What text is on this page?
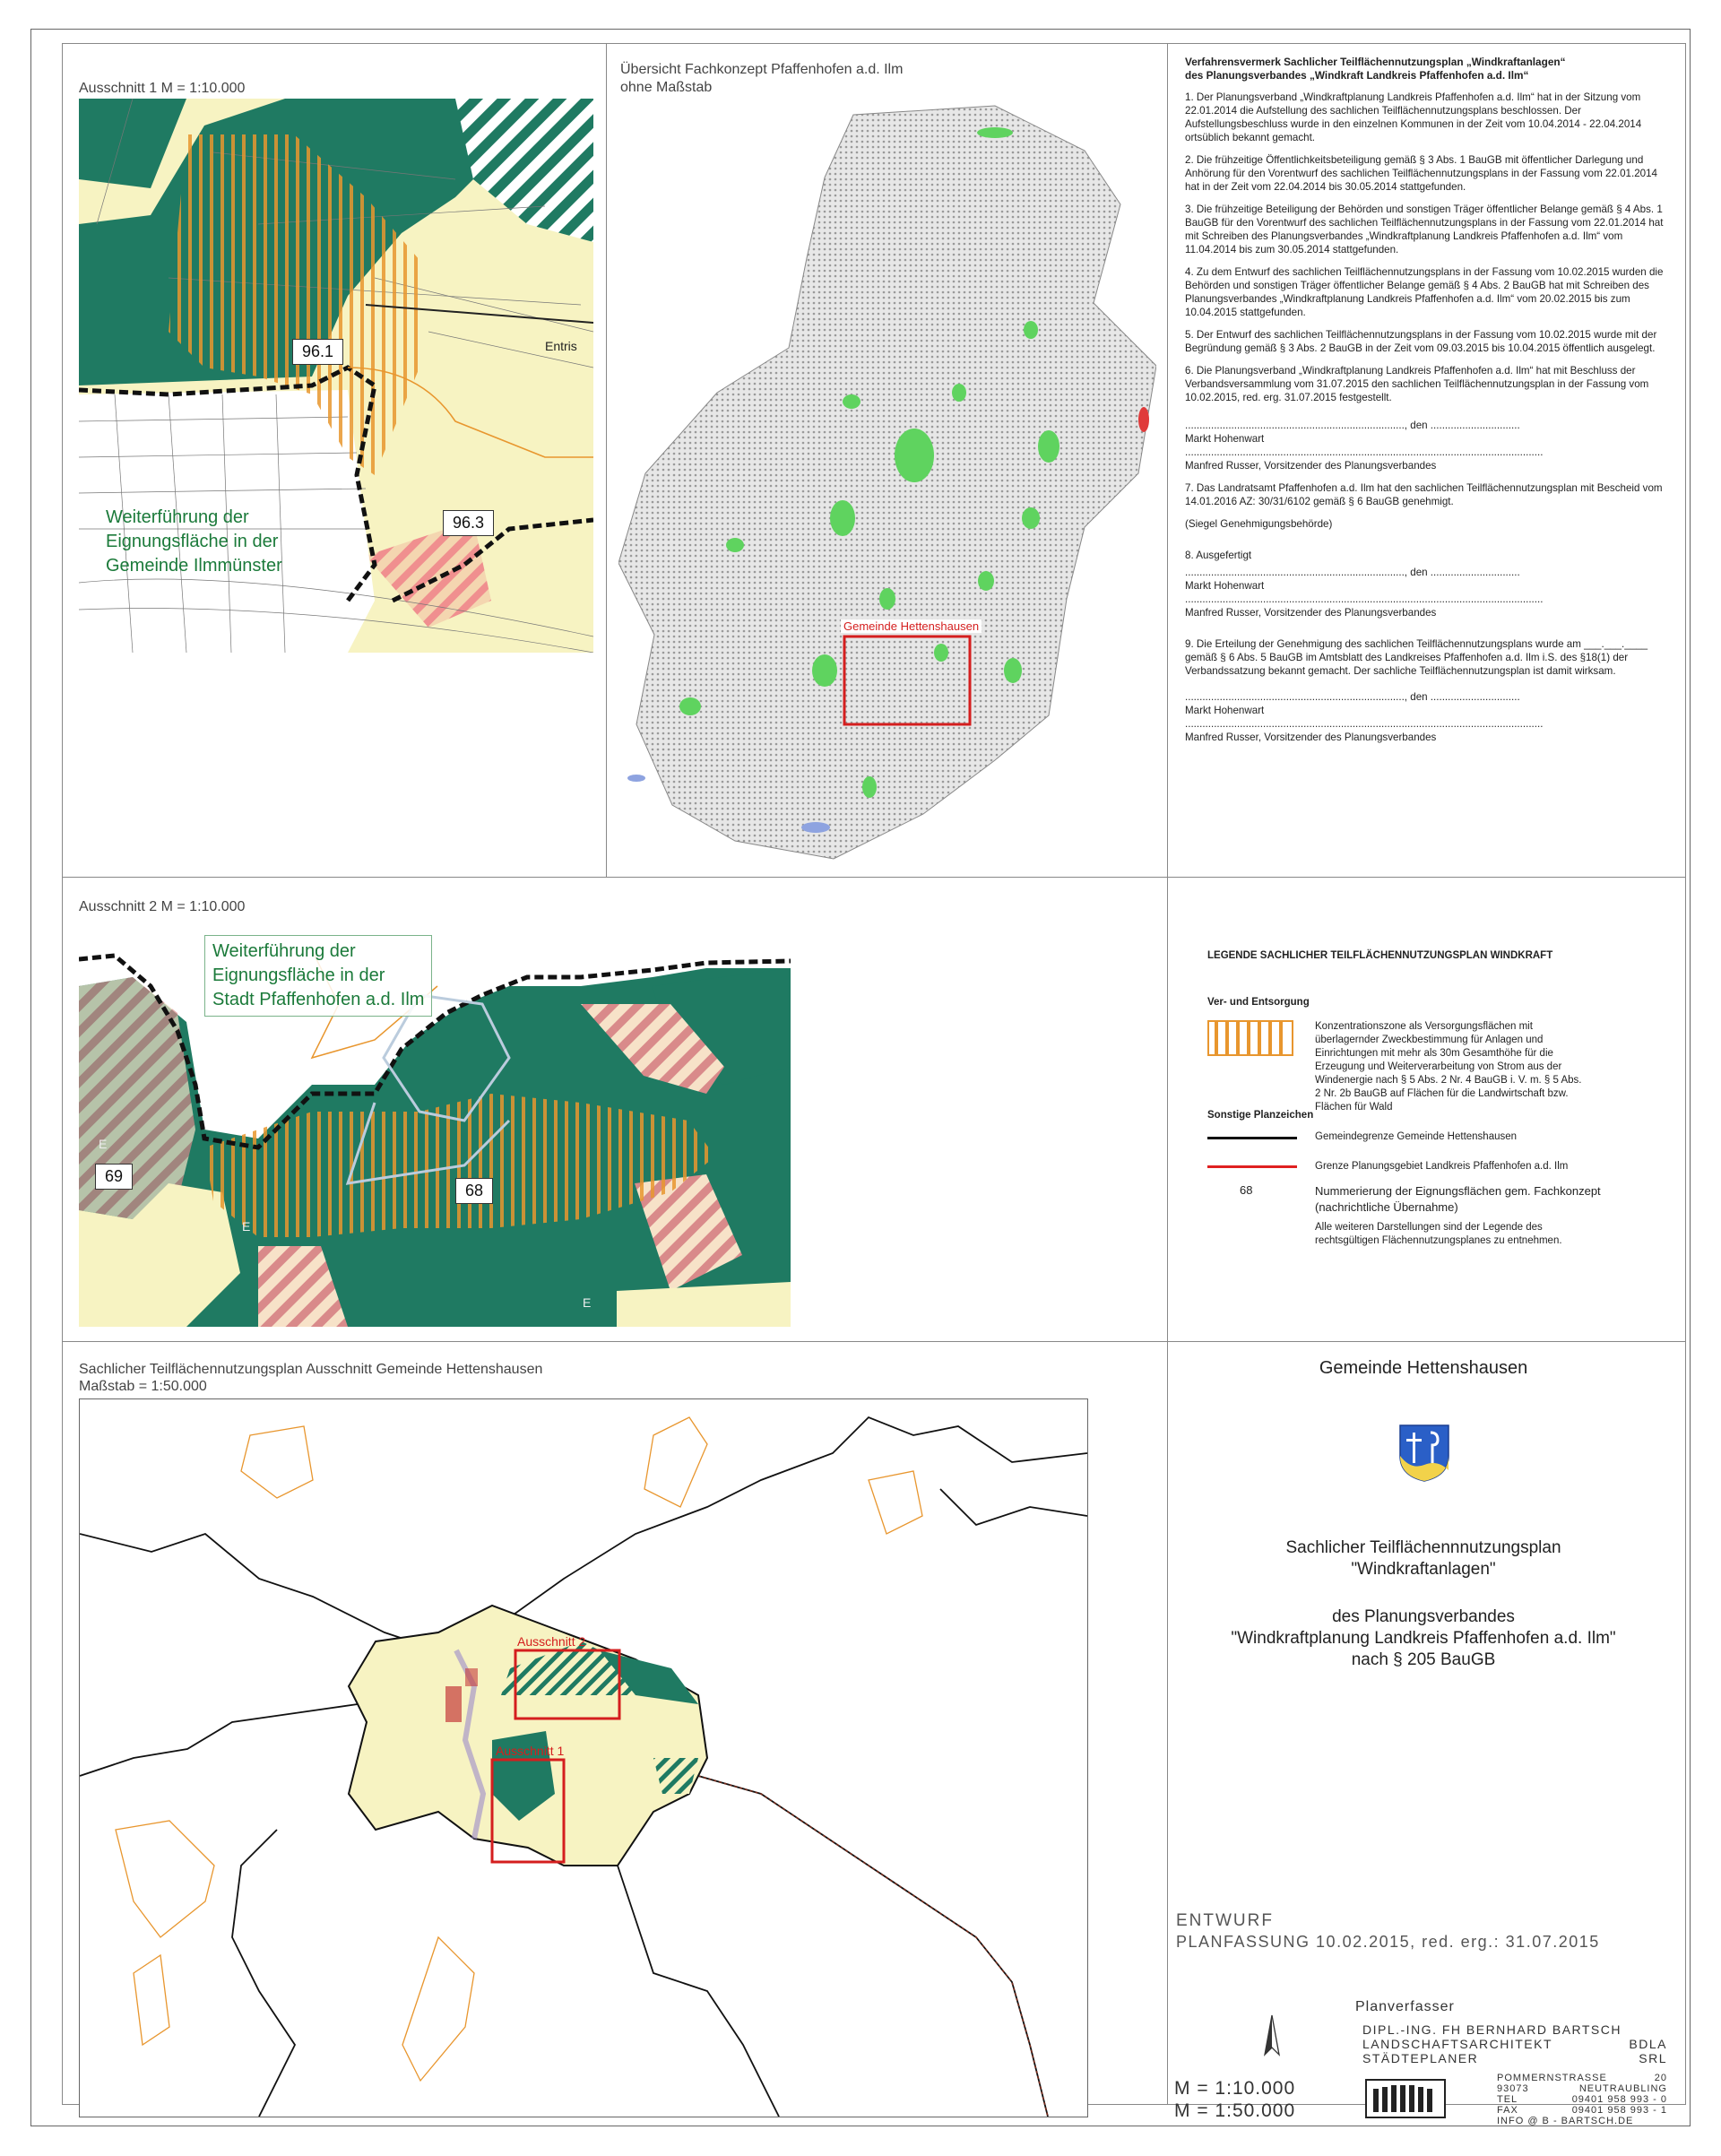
Ausschnitt 1 M = 1:10.000
96.1
96.3
Entris
Weiterführung der
Eignungsfläche in der
Gemeinde Ilmmünster
Übersicht Fachkonzept Pfaffenhofen a.d. Ilm
ohne Maßstab
Gemeinde Hettenshausen
Verfahrensvermerk Sachlicher Teilflächennutzungsplan „Windkraftanlagen“
des Planungsverbandes „Windkraft Landkreis Pfaffenhofen a.d. Ilm“

1. Der Planungsverband „Windkraftplanung Landkreis Pfaffenhofen a.d. Ilm“ hat in der Sitzung vom 22.01.2014 die Aufstellung des sachlichen Teilflächennutzungsplans beschlossen. Der Aufstellungsbeschluss wurde in den einzelnen Kommunen in der Zeit vom 10.04.2014 - 22.04.2014 ortsüblich bekannt gemacht.

2. Die frühzeitige Öffentlichkeitsbeteiligung gemäß § 3 Abs. 1 BauGB mit öffentlicher Darlegung und Anhörung für den Vorentwurf des sachlichen Teilflächennutzungsplans in der Fassung vom 22.01.2014 hat in der Zeit vom 22.04.2014 bis 30.05.2014 stattgefunden.

3. Die frühzeitige Beteiligung der Behörden und sonstigen Träger öffentlicher Belange gemäß § 4 Abs. 1 BauGB für den Vorentwurf des sachlichen Teilflächennutzungsplans in der Fassung vom 22.01.2014 hat mit Schreiben des Planungsverbandes „Windkraftplanung Landkreis Pfaffenhofen a.d. Ilm“ vom 11.04.2014 bis zum 30.05.2014 stattgefunden.

4. Zu dem Entwurf des sachlichen Teilflächennutzungsplans in der Fassung vom 10.02.2015 wurden die Behörden und sonstigen Träger öffentlicher Belange gemäß § 4 Abs. 2 BauGB hat mit Schreiben des Planungsverbandes „Windkraftplanung Landkreis Pfaffenhofen a.d. Ilm“ vom 20.02.2015 bis zum 10.04.2015 stattgefunden.

5. Der Entwurf des sachlichen Teilflächennutzungsplans in der Fassung vom 10.02.2015 wurde mit der Begründung gemäß § 3 Abs. 2 BauGB in der Zeit vom 09.03.2015 bis 10.04.2015 öffentlich ausgelegt.

6. Die Planungsverband „Windkraftplanung Landkreis Pfaffenhofen a.d. Ilm“ hat mit Beschluss der Verbandsversammlung vom 31.07.2015 den sachlichen Teilflächennutzungsplan in der Fassung vom 10.02.2015, red. erg. 31.07.2015 festgestellt.

............................................................................, den ...............................

Markt Hohenwart

............................................................................................................................

Manfred Russer, Vorsitzender des Planungsverbandes

7. Das Landratsamt Pfaffenhofen a.d. Ilm hat den sachlichen Teilflächennutzungsplan mit Bescheid vom 14.01.2016 AZ: 30/31/6102 gemäß § 6 BauGB genehmigt.

(Siegel Genehmigungsbehörde)

8. Ausgefertigt

............................................................................, den ...............................

Markt Hohenwart

............................................................................................................................

Manfred Russer, Vorsitzender des Planungsverbandes

9. Die Erteilung der Genehmigung des sachlichen Teilflächennutzungsplans wurde am ___.___.____ gemäß § 6 Abs. 5 BauGB im Amtsblatt des Landkreises Pfaffenhofen a.d. Ilm i.S. des §18(1) der Verbandssatzung bekannt gemacht. Der sachliche Teilflächennutzungsplan ist damit wirksam.

............................................................................, den ...............................

Markt Hohenwart

............................................................................................................................

Manfred Russer, Vorsitzender des Planungsverbandes

Ausschnitt 2 M = 1:10.000
69
68
E
E
E
Weiterführung der
Eignungsfläche in der
Stadt Pfaffenhofen a.d. Ilm
LEGENDE SACHLICHER TEILFLÄCHENNUTZUNGSPLAN WINDKRAFT
Ver- und Entsorgung
Konzentrationszone als Versorgungsflächen mit überlagernder Zweckbestimmung für Anlagen und Einrichtungen mit mehr als 30m Gesamthöhe für die Erzeugung und Weiterverarbeitung von Strom aus der Windenergie nach § 5 Abs. 2 Nr. 4 BauGB i. V. m. § 5 Abs. 2 Nr. 2b BauGB auf Flächen für die Landwirtschaft bzw. Flächen für Wald
Sonstige Planzeichen
Gemeindegrenze Gemeinde Hettenshausen
Grenze Planungsgebiet Landkreis Pfaffenhofen a.d. Ilm
68	Nummerierung der Eignungsflächen gem. Fachkonzept
(nachrichtliche Übernahme)
Alle weiteren Darstellungen sind der Legende des
rechtsgültigen Flächennutzungsplanes zu entnehmen.
Sachlicher Teilflächennutzungsplan Ausschnitt Gemeinde Hettenshausen
Maßstab = 1:50.000
Ausschnitt 2
Ausschnitt 1
Gemeinde Hettenshausen
Sachlicher Teilflächennnutzungsplan
"Windkraftanlagen"
des Planungsverbandes
"Windkraftplanung Landkreis Pfaffenhofen a.d. Ilm"
nach § 205 BauGB
ENTWURF
PLANFASSUNG 10.02.2015, red. erg.: 31.07.2015
Planverfasser
DIPL.-ING. FH BERNHARD BARTSCH
LANDSCHAFTSARCHITEKT	BDLA
STÄDTEPLANER	SRL
POMMERNSTRASSE	20
93073	NEUTRAUBLING
TEL	09401 958 993 - 0
FAX	09401 958 993 - 1
INFO @ B - BARTSCH.DE
M = 1:10.000
M = 1:50.000
